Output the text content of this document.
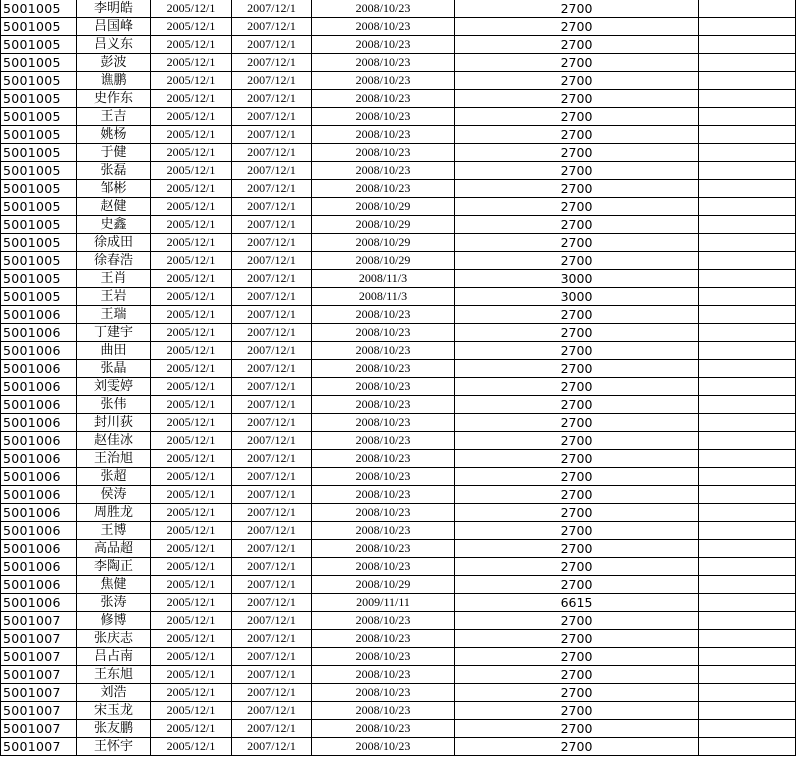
5001005	李明皓	2005/12/1	2007/12/1	2008/10/23	2700	
5001005	吕国峰	2005/12/1	2007/12/1	2008/10/23	2700	
5001005	吕义东	2005/12/1	2007/12/1	2008/10/23	2700	
5001005	彭波	2005/12/1	2007/12/1	2008/10/23	2700	
5001005	谯鹏	2005/12/1	2007/12/1	2008/10/23	2700	
5001005	史作东	2005/12/1	2007/12/1	2008/10/23	2700	
5001005	王吉	2005/12/1	2007/12/1	2008/10/23	2700	
5001005	姚杨	2005/12/1	2007/12/1	2008/10/23	2700	
5001005	于健	2005/12/1	2007/12/1	2008/10/23	2700	
5001005	张磊	2005/12/1	2007/12/1	2008/10/23	2700	
5001005	邹彬	2005/12/1	2007/12/1	2008/10/23	2700	
5001005	赵健	2005/12/1	2007/12/1	2008/10/29	2700	
5001005	史鑫	2005/12/1	2007/12/1	2008/10/29	2700	
5001005	徐成田	2005/12/1	2007/12/1	2008/10/29	2700	
5001005	徐春浩	2005/12/1	2007/12/1	2008/10/29	2700	
5001005	王肖	2005/12/1	2007/12/1	2008/11/3	3000	
5001005	王岩	2005/12/1	2007/12/1	2008/11/3	3000	
5001006	王瑞	2005/12/1	2007/12/1	2008/10/23	2700	
5001006	丁建宇	2005/12/1	2007/12/1	2008/10/23	2700	
5001006	曲田	2005/12/1	2007/12/1	2008/10/23	2700	
5001006	张晶	2005/12/1	2007/12/1	2008/10/23	2700	
5001006	刘雯婷	2005/12/1	2007/12/1	2008/10/23	2700	
5001006	张伟	2005/12/1	2007/12/1	2008/10/23	2700	
5001006	封川荻	2005/12/1	2007/12/1	2008/10/23	2700	
5001006	赵佳冰	2005/12/1	2007/12/1	2008/10/23	2700	
5001006	王治旭	2005/12/1	2007/12/1	2008/10/23	2700	
5001006	张超	2005/12/1	2007/12/1	2008/10/23	2700	
5001006	侯涛	2005/12/1	2007/12/1	2008/10/23	2700	
5001006	周胜龙	2005/12/1	2007/12/1	2008/10/23	2700	
5001006	王博	2005/12/1	2007/12/1	2008/10/23	2700	
5001006	高品超	2005/12/1	2007/12/1	2008/10/23	2700	
5001006	李陶正	2005/12/1	2007/12/1	2008/10/23	2700	
5001006	焦健	2005/12/1	2007/12/1	2008/10/29	2700	
5001006	张涛	2005/12/1	2007/12/1	2009/11/11	6615	
5001007	修博	2005/12/1	2007/12/1	2008/10/23	2700	
5001007	张庆志	2005/12/1	2007/12/1	2008/10/23	2700	
5001007	吕占南	2005/12/1	2007/12/1	2008/10/23	2700	
5001007	王东旭	2005/12/1	2007/12/1	2008/10/23	2700	
5001007	刘浩	2005/12/1	2007/12/1	2008/10/23	2700	
5001007	宋玉龙	2005/12/1	2007/12/1	2008/10/23	2700	
5001007	张友鹏	2005/12/1	2007/12/1	2008/10/23	2700	
5001007	王怀宇	2005/12/1	2007/12/1	2008/10/23	2700	
